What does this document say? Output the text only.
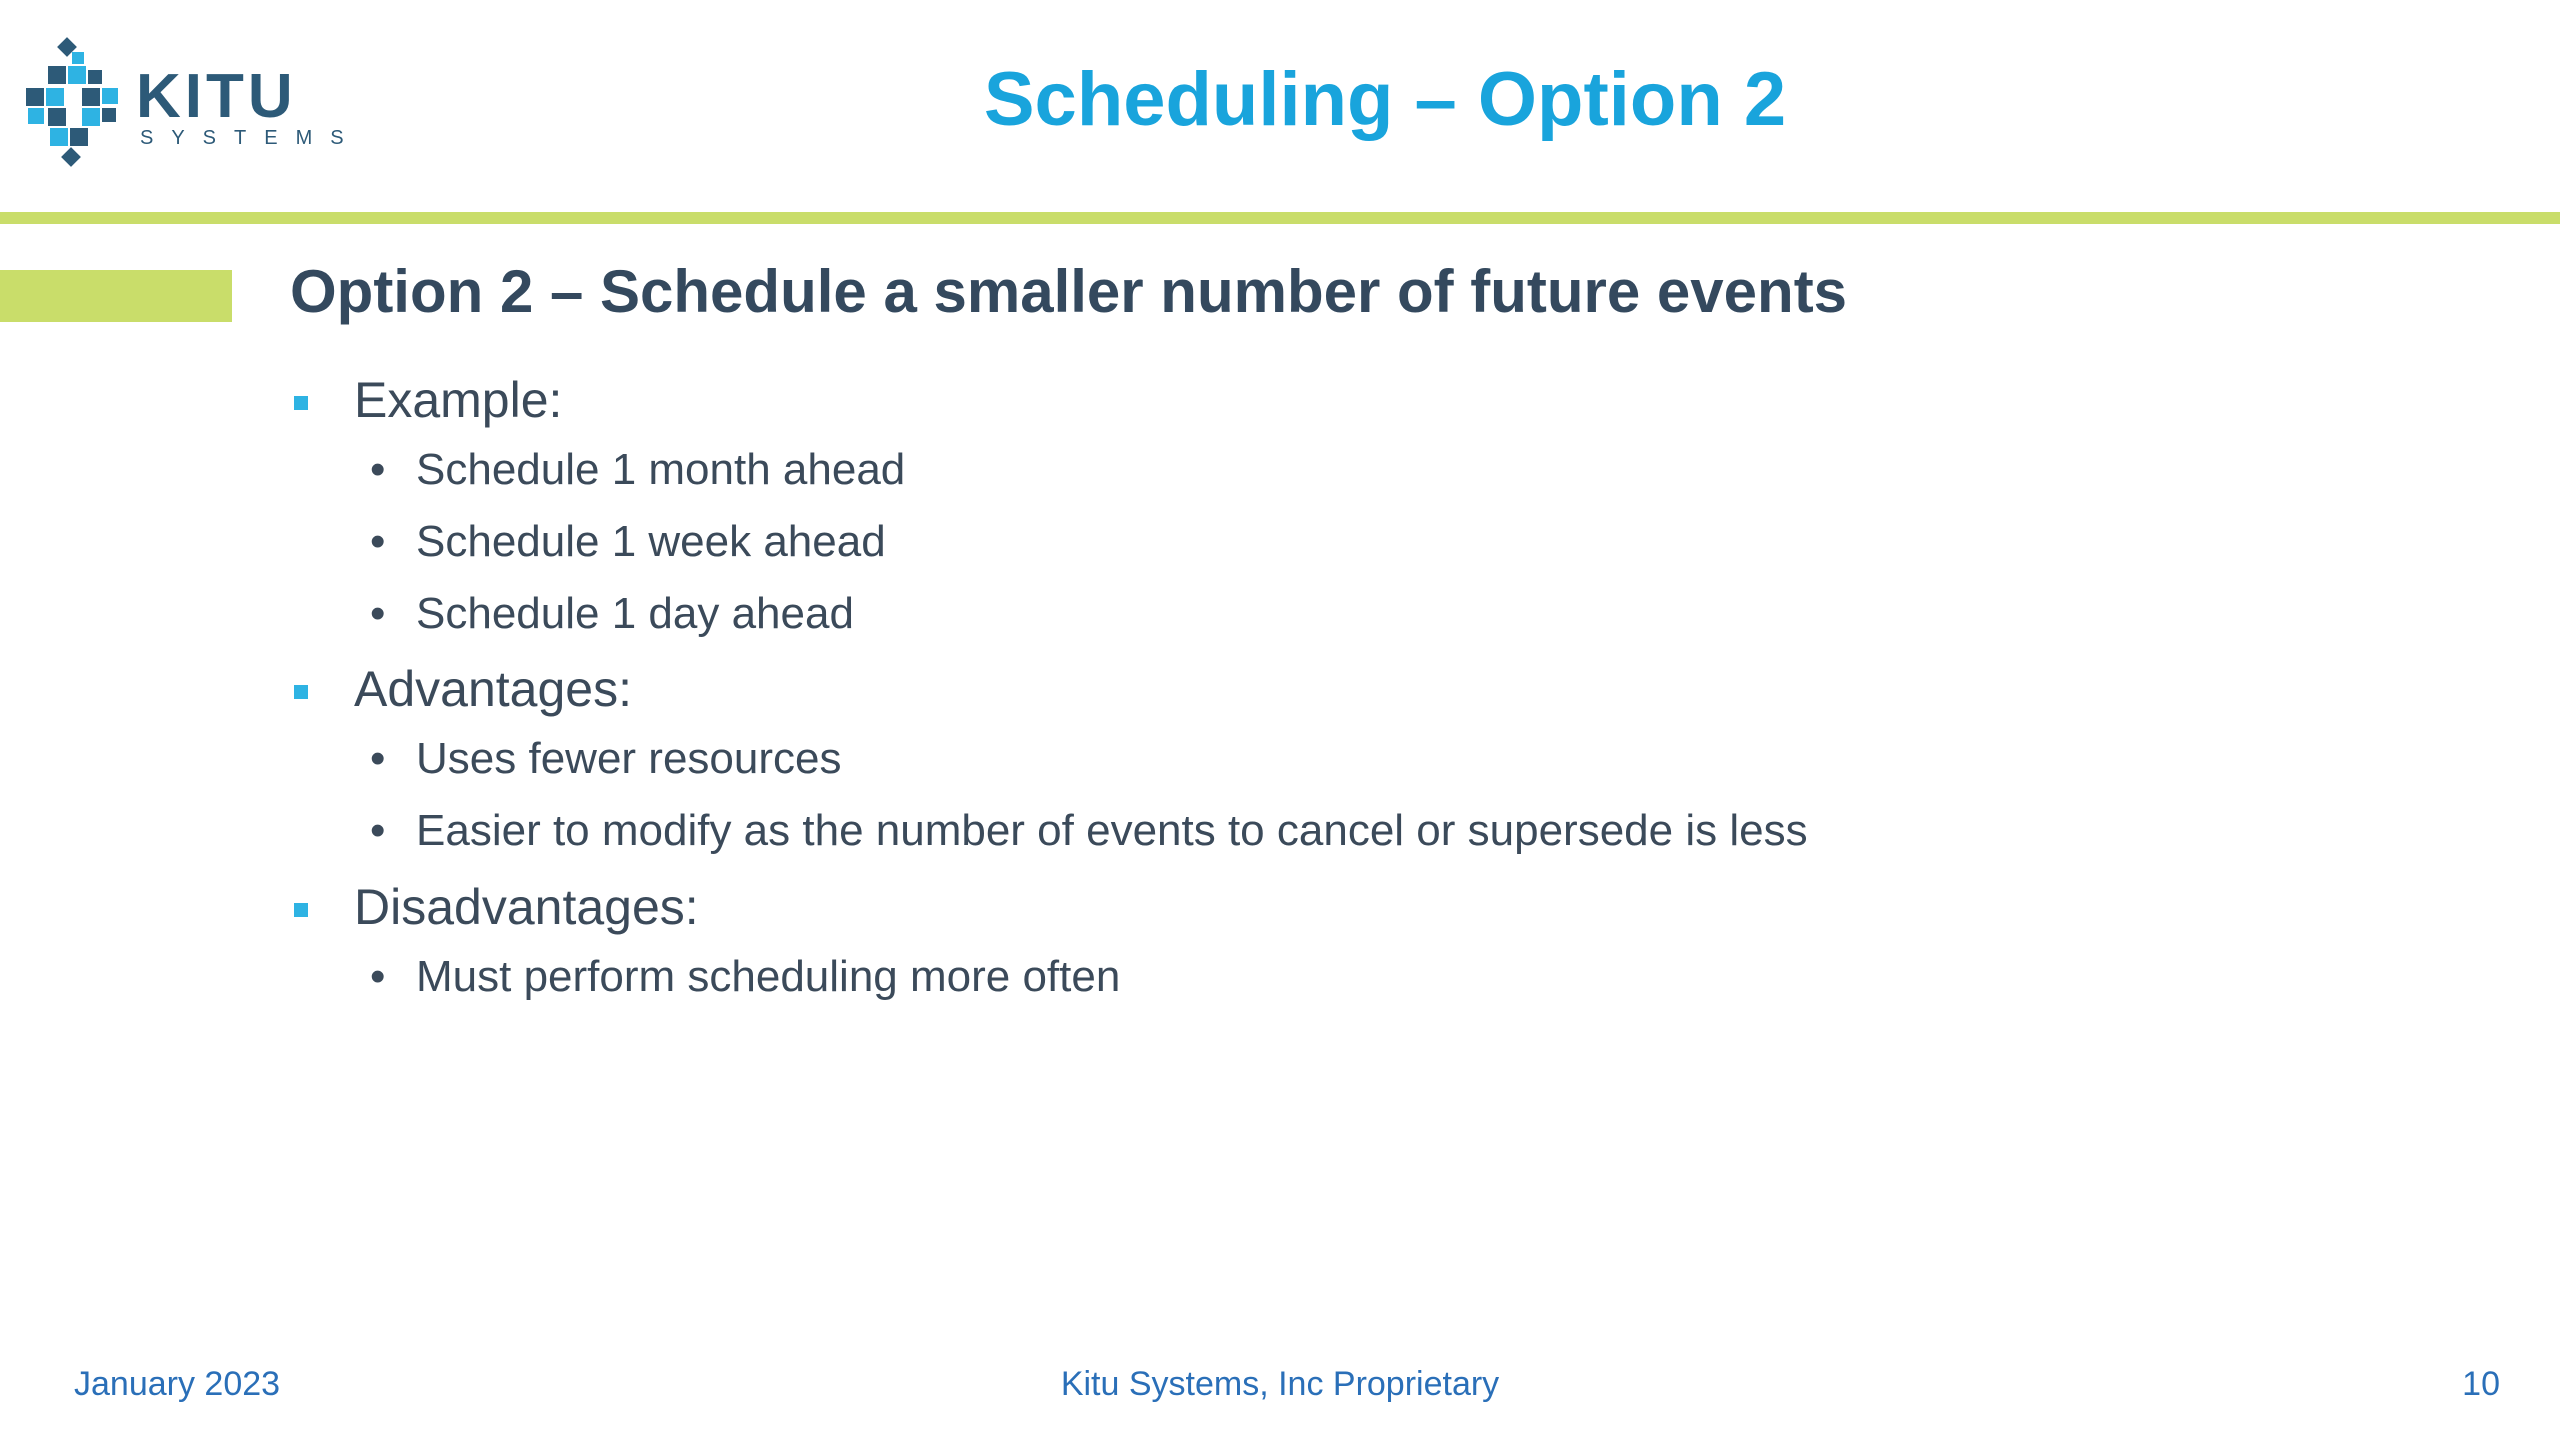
KITU
SYSTEMS	Scheduling – Option 2
Option 2 – Schedule a smaller number of future events
Example:
• Schedule 1 month ahead
• Schedule 1 week ahead
• Schedule 1 day ahead
Advantages:
• Uses fewer resources
• Easier to modify as the number of events to cancel or supersede is less
Disadvantages:
• Must perform scheduling more often
January 2023	Kitu Systems, Inc Proprietary	10
